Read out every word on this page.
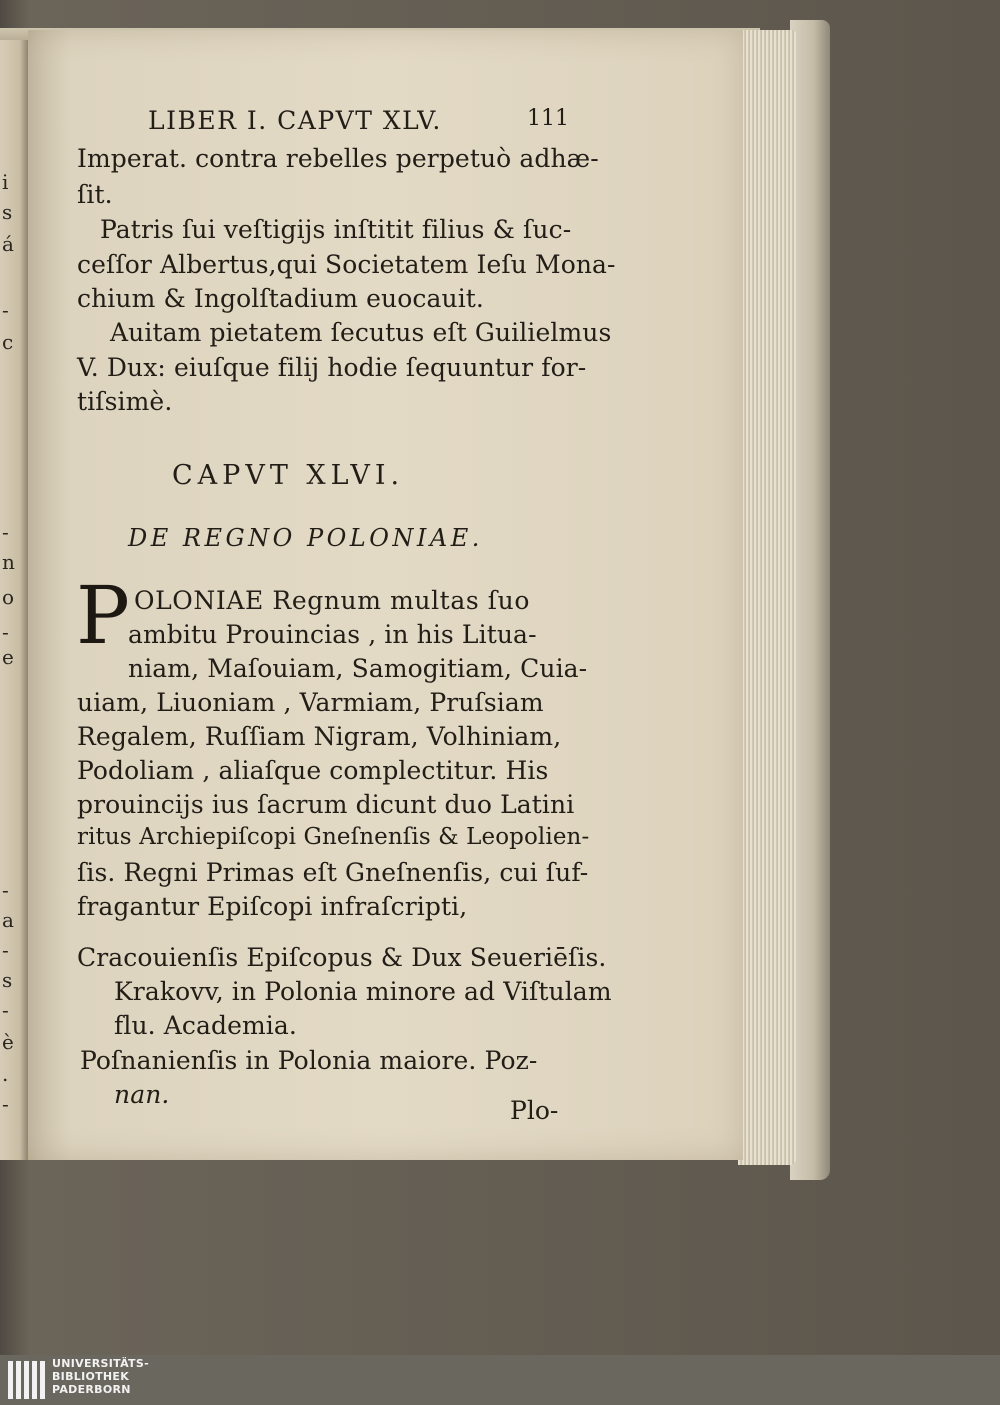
i
s
á
-
c
-
n
o
-
e
-
a
-
s
-
è
.
-
LIBER I. CAPVT XLV.	111
Imperat. contra rebelles perpetuò adhæ-
ſit.
Patris ſui veſtigijs inſtitit filius & ſuc-
ceſſor Albertus,qui Societatem Ieſu Mona-
chium & Ingolſtadium euocauit.
Auitam pietatem ſecutus eſt Guilielmus
V. Dux: eiuſque filij hodie ſequuntur for-
tiſsimè.
CAPVT XLVI.
DE REGNO POLONIAE.
P OLONIAE Regnum multas ſuo
ambitu Prouincias , in his Litua-
niam, Maſouiam, Samogitiam, Cuia-
uiam, Liuoniam , Varmiam, Pruſsiam
Regalem, Ruſſiam Nigram, Volhiniam,
Podoliam , aliaſque complectitur. His
prouincijs ius ſacrum dicunt duo Latini
ritus Archiepiſcopi Gneſnenſis & Leopolien-
ſis. Regni Primas eſt Gneſnenſis, cui ſuf-
fragantur Epiſcopi infraſcripti,
Cracouienſis Epiſcopus & Dux Seueriēſis.
Krakovv, in Polonia minore ad Viſtulam
flu. Academia.
Poſnanienſis in Polonia maiore. Poz-
nan.
Plo-
UNIVERSITÄTS-
BIBLIOTHEK
PADERBORN
